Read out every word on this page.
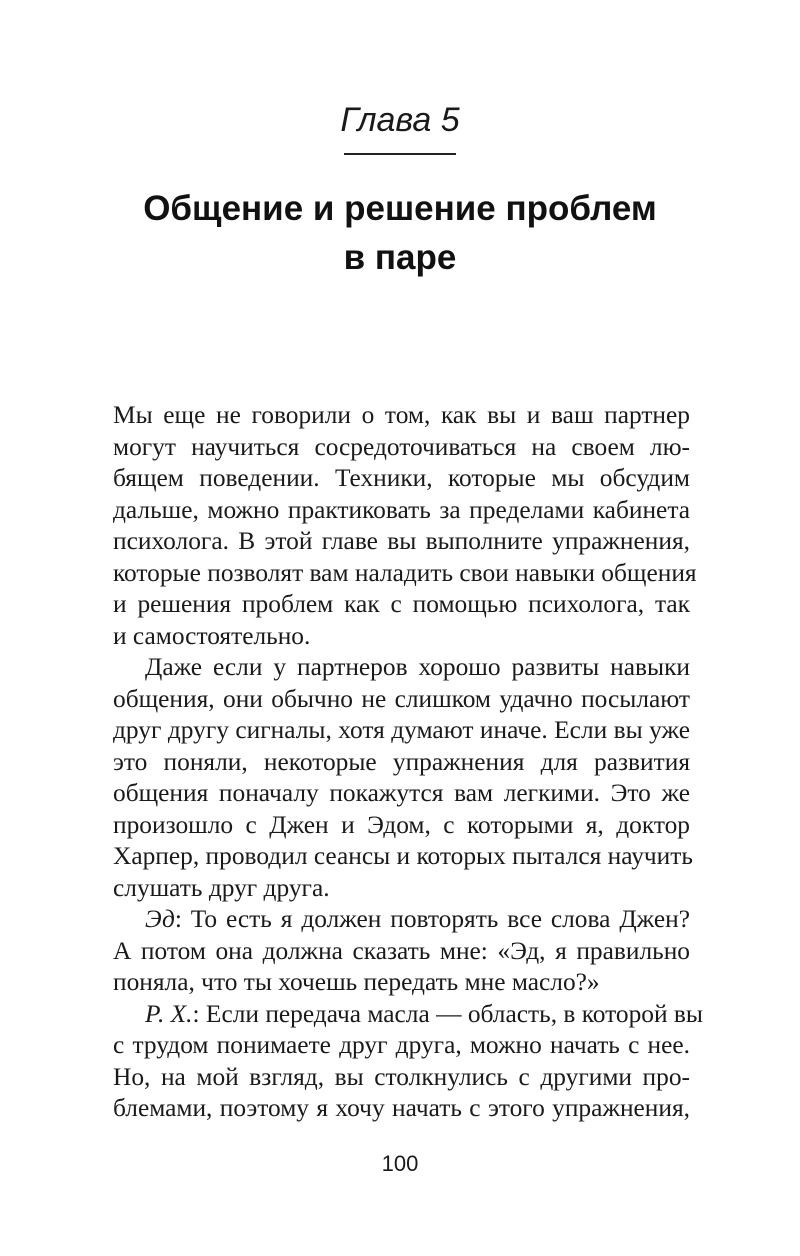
Глава 5
Общение и решение проблем
в паре
Мы еще не говорили о том, как вы и ваш партнер
могут научиться сосредоточиваться на своем лю-
бящем поведении. Техники, которые мы обсудим
дальше, можно практиковать за пределами кабинета
психолога. В этой главе вы выполните упражнения,
которые позволят вам наладить свои навыки общения
и решения проблем как с помощью психолога, так
и самостоятельно.
Даже если у партнеров хорошо развиты навыки
общения, они обычно не слишком удачно посылают
друг другу сигналы, хотя думают иначе. Если вы уже
это поняли, некоторые упражнения для развития
общения поначалу покажутся вам легкими. Это же
произошло с Джен и Эдом, с которыми я, доктор
Харпер, проводил сеансы и которых пытался научить
слушать друг друга.
Эд: То есть я должен повторять все слова Джен?
А потом она должна сказать мне: «Эд, я правильно
поняла, что ты хочешь передать мне масло?»
Р. Х.: Если передача масла — область, в которой вы
с трудом понимаете друг друга, можно начать с нее.
Но, на мой взгляд, вы столкнулись с другими про-
блемами, поэтому я хочу начать с этого упражнения,
100
